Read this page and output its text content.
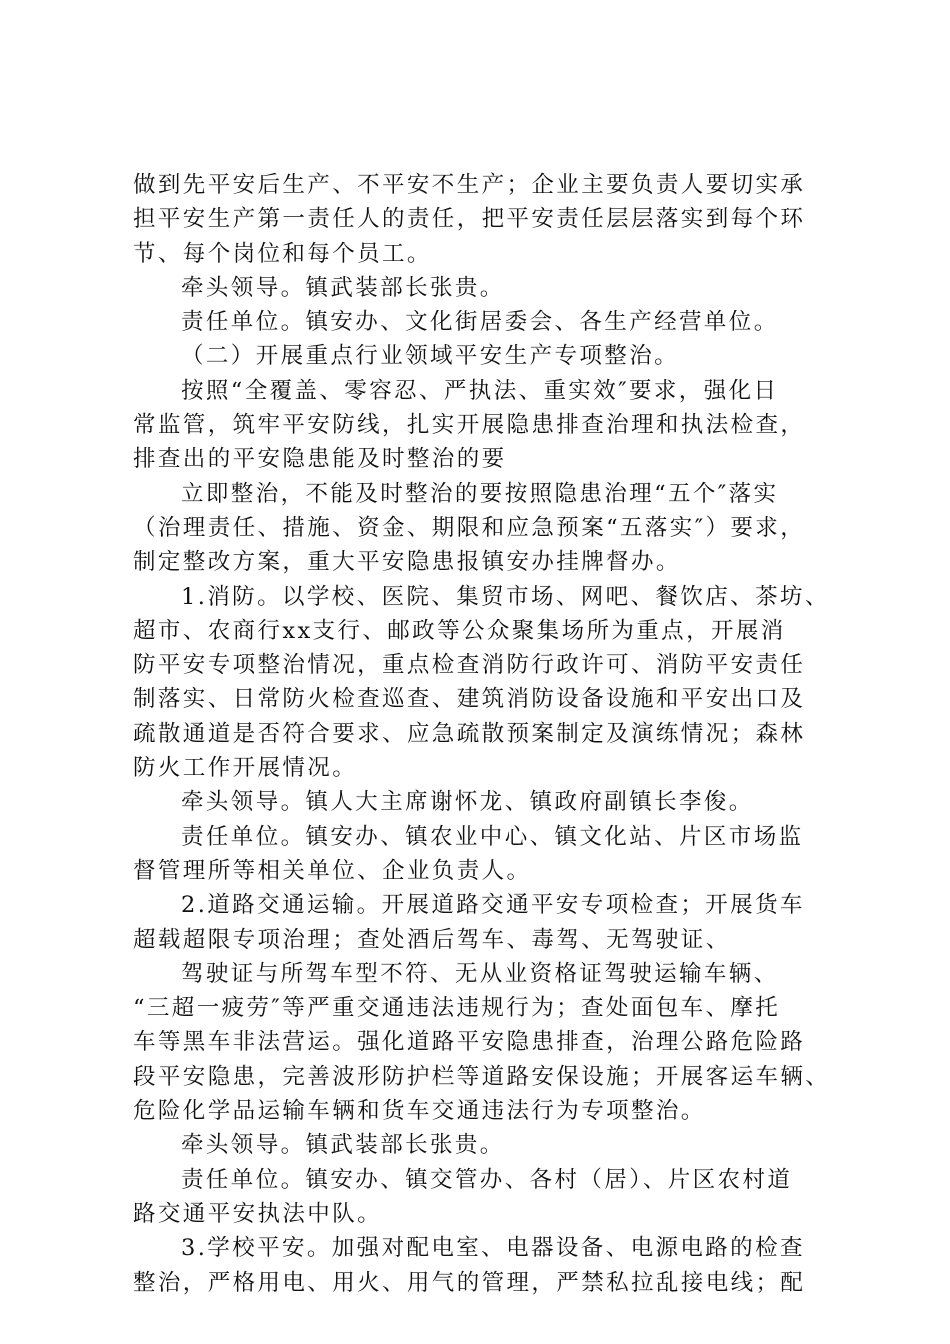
做到先平安后生产、不平安不生产；企业主要负责人要切实承
担平安生产第一责任人的责任，把平安责任层层落实到每个环
节、每个岗位和每个员工。
牵头领导。镇武装部长张贵。
责任单位。镇安办、文化街居委会、各生产经营单位。
（二）开展重点行业领域平安生产专项整治。
按照“全覆盖、零容忍、严执法、重实效″要求，强化日
常监管，筑牢平安防线，扎实开展隐患排查治理和执法检查，
排查出的平安隐患能及时整治的要
立即整治，不能及时整治的要按照隐患治理“五个″落实
（治理责任、措施、资金、期限和应急预案“五落实″）要求，
制定整改方案，重大平安隐患报镇安办挂牌督办。
1.消防。以学校、医院、集贸市场、网吧、餐饮店、茶坊、
超市、农商行xx支行、邮政等公众聚集场所为重点，开展消
防平安专项整治情况，重点检查消防行政许可、消防平安责任
制落实、日常防火检查巡查、建筑消防设备设施和平安出口及
疏散通道是否符合要求、应急疏散预案制定及演练情况；森林
防火工作开展情况。
牵头领导。镇人大主席谢怀龙、镇政府副镇长李俊。
责任单位。镇安办、镇农业中心、镇文化站、片区市场监
督管理所等相关单位、企业负责人。
2.道路交通运输。开展道路交通平安专项检查；开展货车
超载超限专项治理；查处酒后驾车、毒驾、无驾驶证、
驾驶证与所驾车型不符、无从业资格证驾驶运输车辆、
“三超一疲劳″等严重交通违法违规行为；查处面包车、摩托
车等黑车非法营运。强化道路平安隐患排查，治理公路危险路
段平安隐患，完善波形防护栏等道路安保设施；开展客运车辆、
危险化学品运输车辆和货车交通违法行为专项整治。
牵头领导。镇武装部长张贵。
责任单位。镇安办、镇交管办、各村（居）、片区农村道
路交通平安执法中队。
3.学校平安。加强对配电室、电器设备、电源电路的检查
整治，严格用电、用火、用气的管理，严禁私拉乱接电线；配
